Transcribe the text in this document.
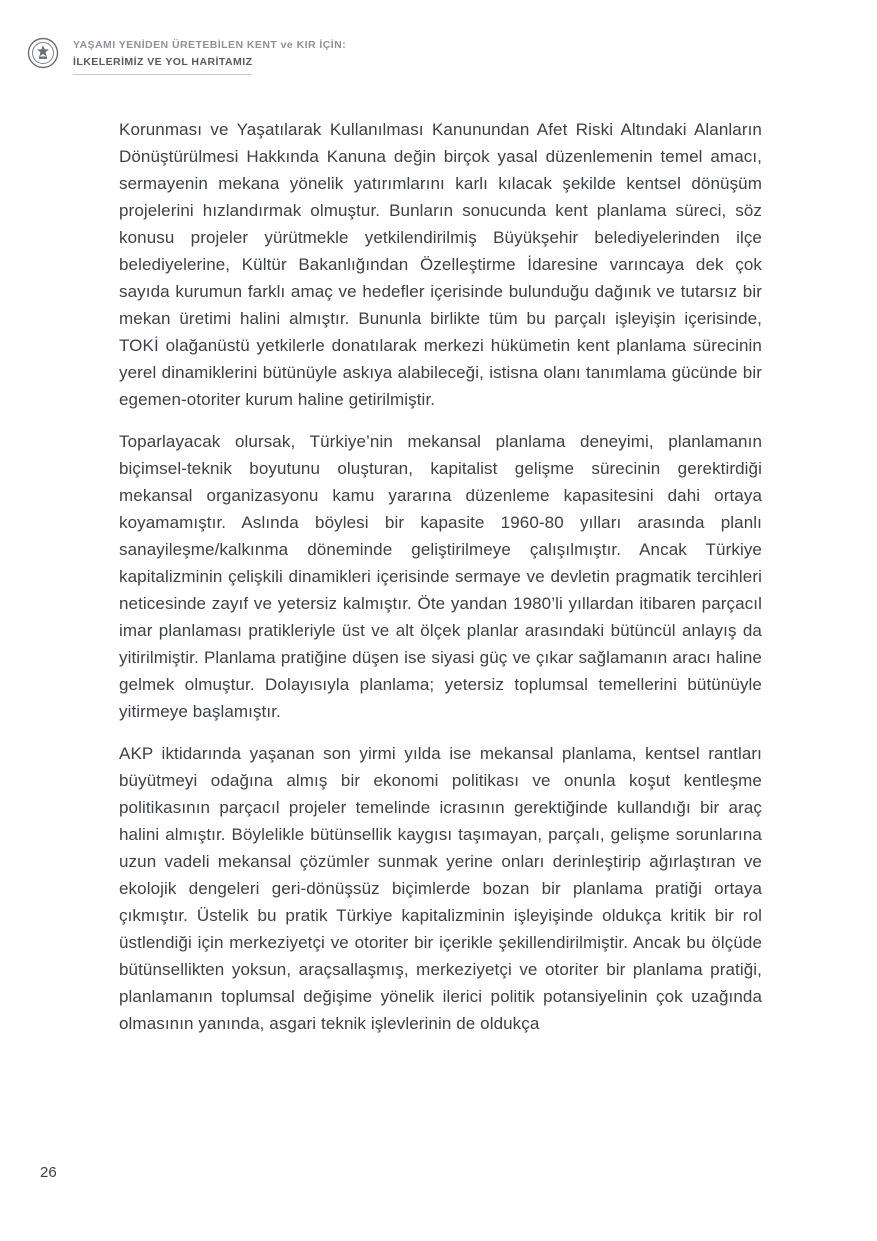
YAŞAMI YENİDEN ÜRETEBİLEN KENT ve KIR İÇİN:
İLKELERİMİZ VE YOL HARİTAMIZ

Korunması ve Yaşatılarak Kullanılması Kanunundan Afet Riski Altındaki Alanların Dönüştürülmesi Hakkında Kanuna değin birçok yasal düzenlemenin temel amacı, sermayenin mekana yönelik yatırımlarını karlı kılacak şekilde kentsel dönüşüm projelerini hızlandırmak olmuştur. Bunların sonucunda kent planlama süreci, söz konusu projeler yürütmekle yetkilendirilmiş Büyükşehir belediyelerinden ilçe belediyelerine, Kültür Bakanlığından Özelleştirme İdaresine varıncaya dek çok sayıda kurumun farklı amaç ve hedefler içerisinde bulunduğu dağınık ve tutarsız bir mekan üretimi halini almıştır. Bununla birlikte tüm bu parçalı işleyişin içerisinde, TOKİ olağanüstü yetkilerle donatılarak merkezi hükümetin kent planlama sürecinin yerel dinamiklerini bütünüyle askıya alabileceği, istisna olanı tanımlama gücünde bir egemen-otoriter kurum haline getirilmiştir.

Toparlayacak olursak, Türkiye’nin mekansal planlama deneyimi, planlamanın biçimsel-teknik boyutunu oluşturan, kapitalist gelişme sürecinin gerektirdiği mekansal organizasyonu kamu yararına düzenleme kapasitesini dahi ortaya koyamamıştır. Aslında böylesi bir kapasite 1960-80 yılları arasında planlı sanayileşme/kalkınma döneminde geliştirilmeye çalışılmıştır. Ancak Türkiye kapitalizminin çelişkili dinamikleri içerisinde sermaye ve devletin pragmatik tercihleri neticesinde zayıf ve yetersiz kalmıştır. Öte yandan 1980’li yıllardan itibaren parçacıl imar planlaması pratikleriyle üst ve alt ölçek planlar arasındaki bütüncül anlayış da yitirilmiştir. Planlama pratiğine düşen ise siyasi güç ve çıkar sağlamanın aracı haline gelmek olmuştur. Dolayısıyla planlama; yetersiz toplumsal temellerini bütünüyle yitirmeye başlamıştır.

AKP iktidarında yaşanan son yirmi yılda ise mekansal planlama, kentsel rantları büyütmeyi odağına almış bir ekonomi politikası ve onunla koşut kentleşme politikasının parçacıl projeler temelinde icrasının gerektiğinde kullandığı bir araç halini almıştır. Böylelikle bütünsellik kaygısı taşımayan, parçalı, gelişme sorunlarına uzun vadeli mekansal çözümler sunmak yerine onları derinleştirip ağırlaştıran ve ekolojik dengeleri geri-dönüşsüz biçimlerde bozan bir planlama pratiği ortaya çıkmıştır. Üstelik bu pratik Türkiye kapitalizminin işleyişinde oldukça kritik bir rol üstlendiği için merkeziyetçi ve otoriter bir içerikle şekillendirilmiştir. Ancak bu ölçüde bütünsellikten yoksun, araçsallaşmış, merkeziyetçi ve otoriter bir planlama pratiği, planlamanın toplumsal değişime yönelik ilerici politik potansiyelinin çok uzağında olmasının yanında, asgari teknik işlevlerinin de oldukça

26
